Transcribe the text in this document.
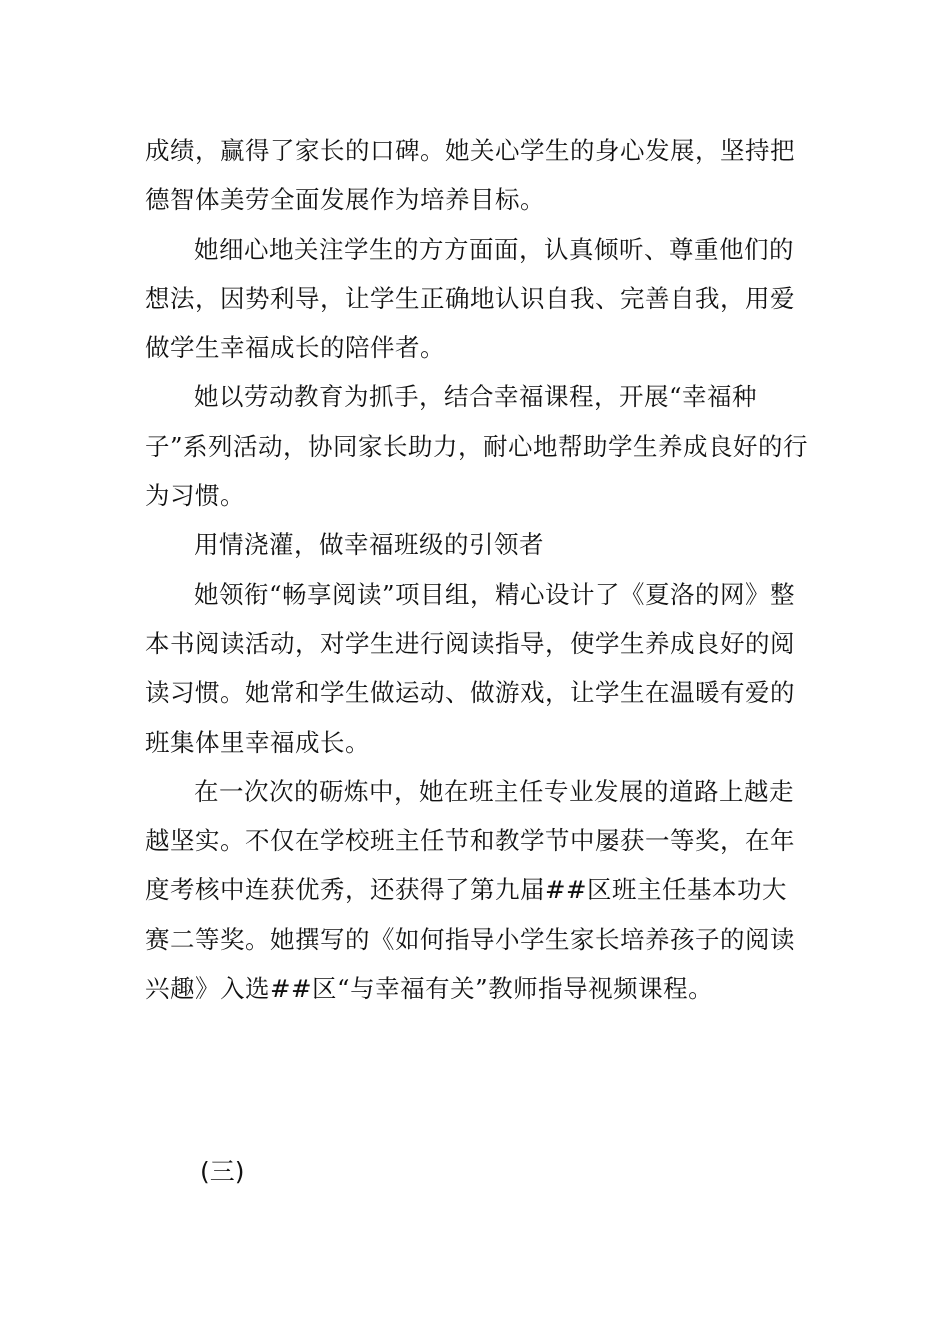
成绩，赢得了家长的口碑。她关心学生的身心发展，坚持把德智体美劳全面发展作为培养目标。

她细心地关注学生的方方面面，认真倾听、尊重他们的想法，因势利导，让学生正确地认识自我、完善自我，用爱做学生幸福成长的陪伴者。

她以劳动教育为抓手，结合幸福课程，开展“幸福种子”系列活动，协同家长助力，耐心地帮助学生养成良好的行为习惯。

用情浇灌，做幸福班级的引领者

她领衔“畅享阅读”项目组，精心设计了《夏洛的网》整本书阅读活动，对学生进行阅读指导，使学生养成良好的阅读习惯。她常和学生做运动、做游戏，让学生在温暖有爱的班集体里幸福成长。

在一次次的砺炼中，她在班主任专业发展的道路上越走越坚实。不仅在学校班主任节和教学节中屡获一等奖，在年度考核中连获优秀，还获得了第九届##区班主任基本功大赛二等奖。她撰写的《如何指导小学生家长培养孩子的阅读兴趣》入选##区“与幸福有关”教师指导视频课程。

(三)
